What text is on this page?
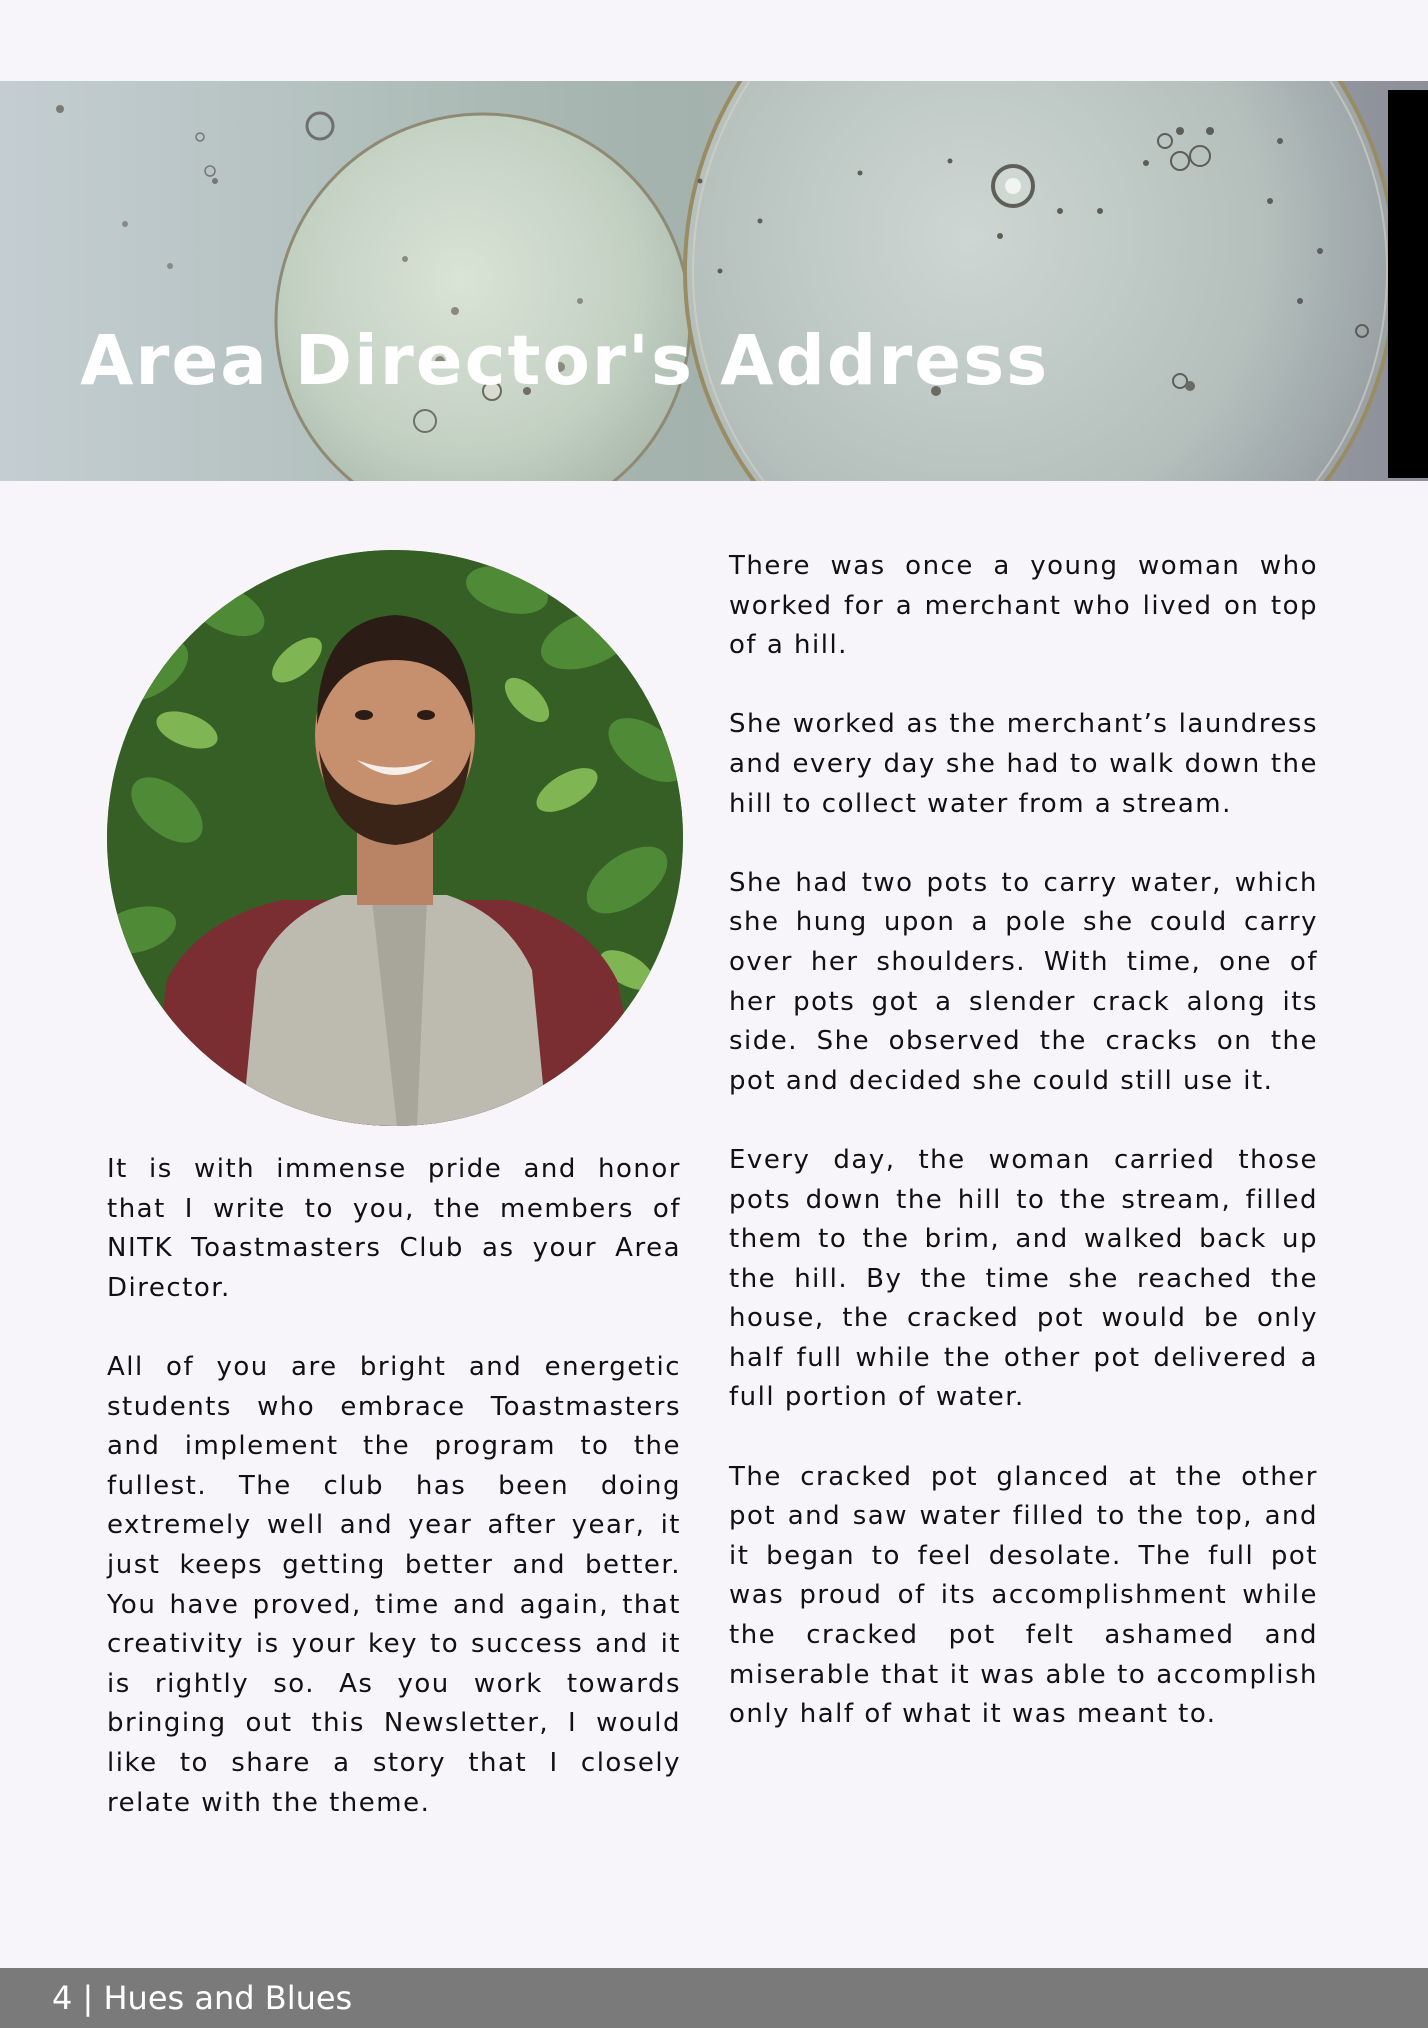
Area Director's Address

It is with immense pride and honor that I write to you, the members of NITK Toastmasters Club as your Area Director.

All of you are bright and energetic students who embrace Toastmasters and implement the program to the fullest. The club has been doing extremely well and year after year, it just keeps getting better and better. You have proved, time and again, that creativity is your key to success and it is rightly so. As you work towards bringing out this Newsletter, I would like to share a story that I closely relate with the theme.

There was once a young woman who worked for a merchant who lived on top of a hill.

She worked as the merchant’s laundress and every day she had to walk down the hill to collect water from a stream.

She had two pots to carry water, which she hung upon a pole she could carry over her shoulders. With time, one of her pots got a slender crack along its side. She observed the cracks on the pot and decided she could still use it.

Every day, the woman carried those pots down the hill to the stream, filled them to the brim, and walked back up the hill. By the time she reached the house, the cracked pot would be only half full while the other pot delivered a full portion of water.

The cracked pot glanced at the other pot and saw water filled to the top, and it began to feel desolate. The full pot was proud of its accomplishment while the cracked pot felt ashamed and miserable that it was able to accomplish only half of what it was meant to.

4 | Hues and Blues
